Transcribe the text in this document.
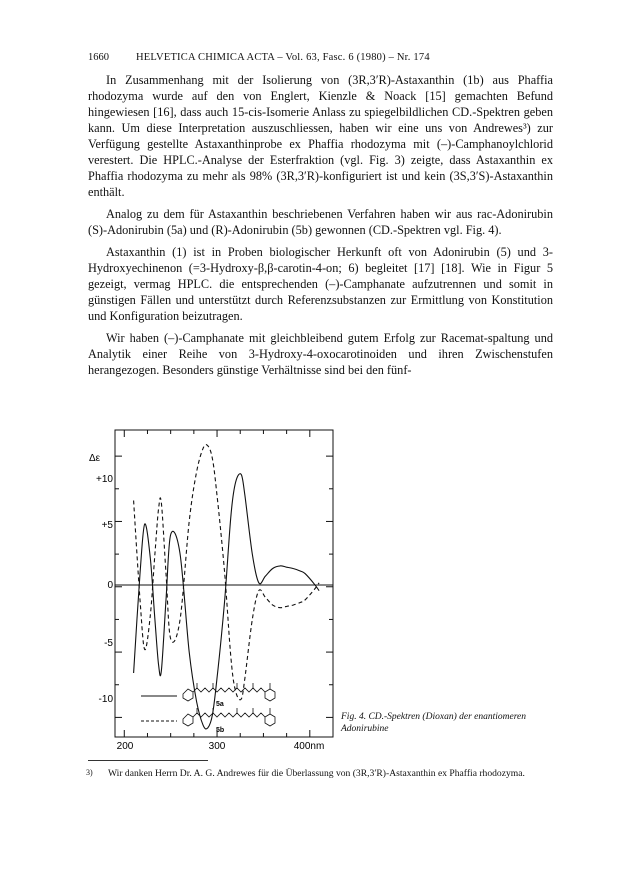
1660	HELVETICA CHIMICA ACTA – Vol. 63, Fasc. 6 (1980) – Nr. 174

In Zusammenhang mit der Isolierung von (3R,3′R)-Astaxanthin (1b) aus Phaffia rhodozyma wurde auf den von Englert, Kienzle & Noack [15] gemachten Befund hingewiesen [16], dass auch 15-cis-Isomerie Anlass zu spiegelbildlichen CD.-Spektren geben kann. Um diese Interpretation auszuschliessen, haben wir eine uns von Andrewes³) zur Verfügung gestellte Astaxanthinprobe ex Phaffia rhodozyma mit (–)-Camphanoylchlorid verestert. Die HPLC.-Analyse der Esterfraktion (vgl. Fig. 3) zeigte, dass Astaxanthin ex Phaffia rhodozyma zu mehr als 98% (3R,3′R)-konfiguriert ist und kein (3S,3′S)-Astaxanthin enthält.

Analog zu dem für Astaxanthin beschriebenen Verfahren haben wir aus rac-Adonirubin (S)-Adonirubin (5a) und (R)-Adonirubin (5b) gewonnen (CD.-Spektren vgl. Fig. 4).

Astaxanthin (1) ist in Proben biologischer Herkunft oft von Adonirubin (5) und 3-Hydroxyechinenon (=3-Hydroxy-β,β-carotin-4-on; 6) begleitet [17] [18]. Wie in Figur 5 gezeigt, vermag HPLC. die entsprechenden (–)-Camphanate aufzutrennen und somit in günstigen Fällen und unterstützt durch Referenzsubstanzen zur Ermittlung von Konstitution und Konfiguration beizutragen.

Wir haben (–)-Camphanate mit gleichbleibend gutem Erfolg zur Racemat-spaltung und Analytik einer Reihe von 3-Hydroxy-4-oxocarotinoiden und ihren Zwischenstufen herangezogen. Besonders günstige Verhältnisse sind bei den fünf-

Δε
+10
+5
0
-5
-10
200	300	400nm
5a
5b
Fig. 4. CD.-Spektren (Dioxan) der enantiomeren Adonirubine
3) Wir danken Herrn Dr. A. G. Andrewes für die Überlassung von (3R,3′R)-Astaxanthin ex Phaffia rhodozyma.
